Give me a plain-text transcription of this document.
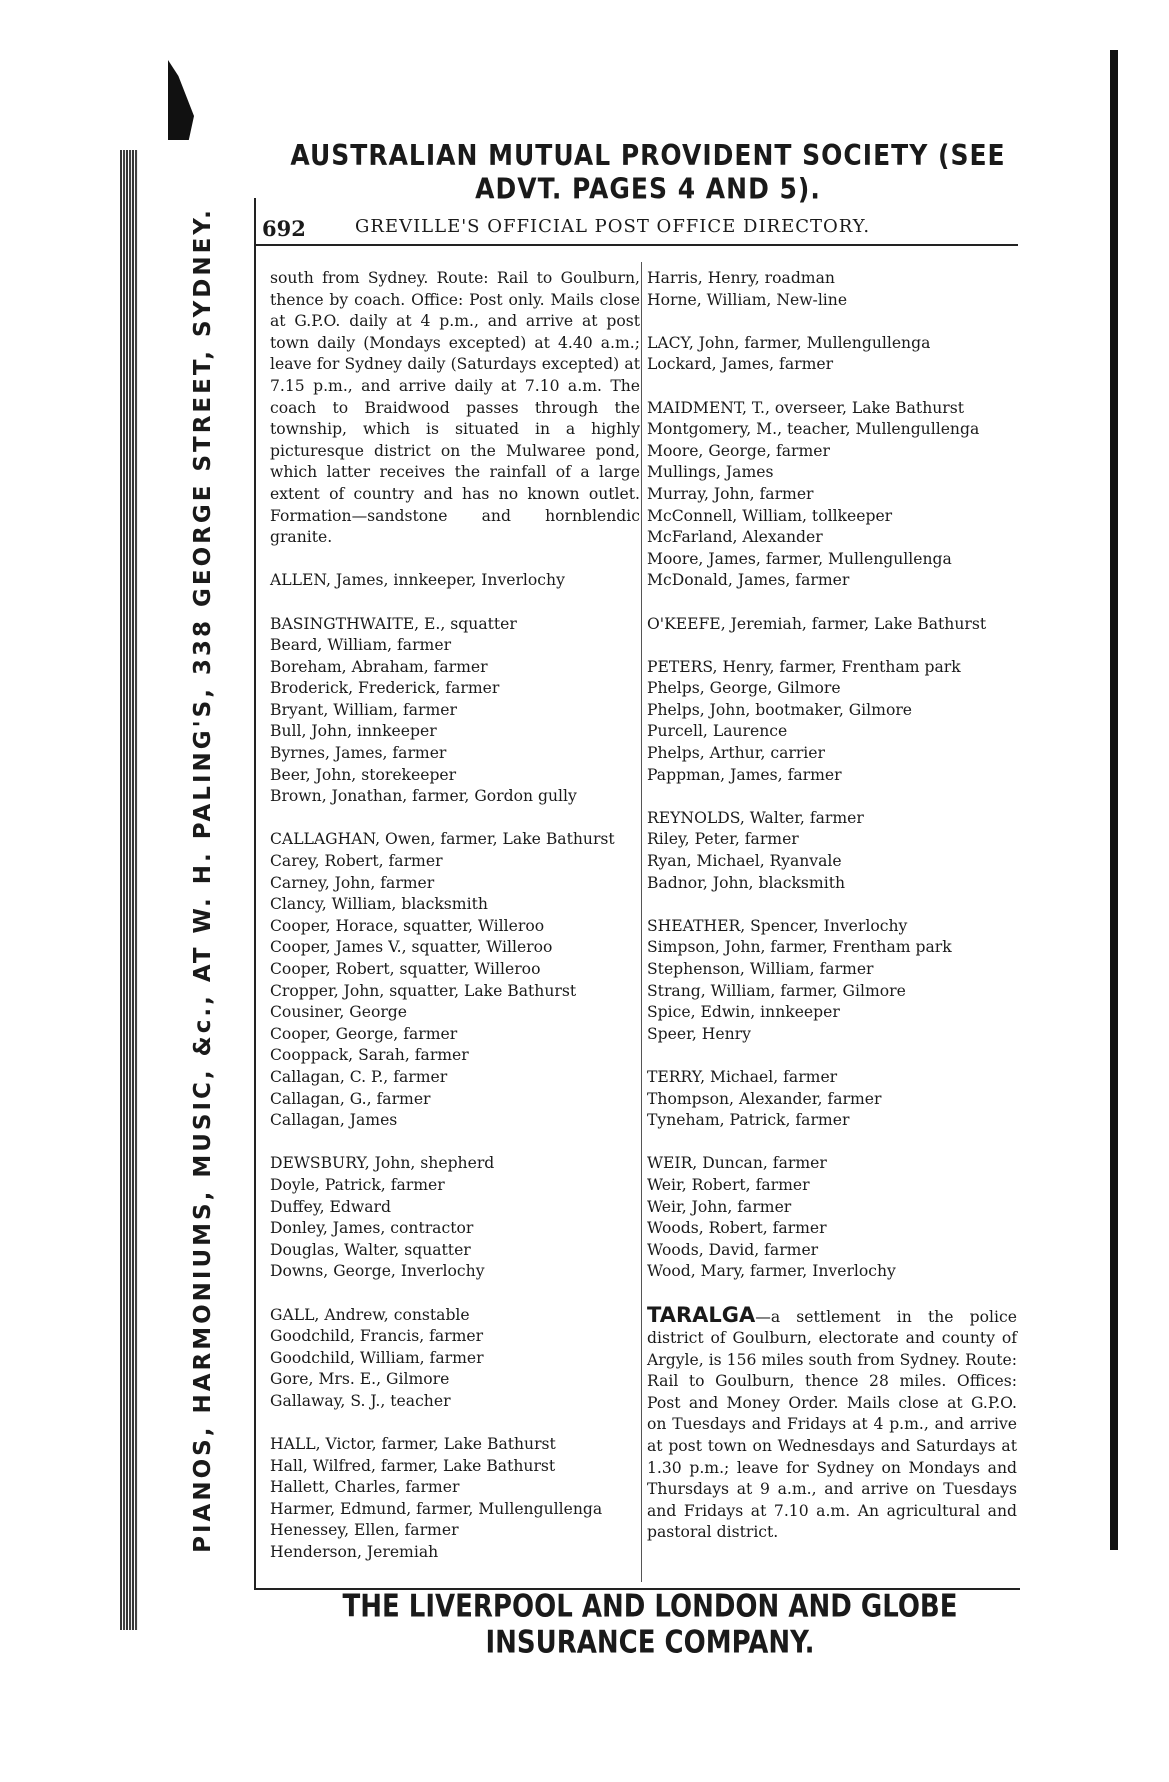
AUSTRALIAN MUTUAL PROVIDENT SOCIETY (SEE ADVT. PAGES 4 AND 5).
PIANOS, HARMONIUMS, MUSIC, &c., AT W. H. PALING'S, 338 GEORGE STREET, SYDNEY.	692	GREVILLE'S OFFICIAL POST OFFICE DIRECTORY.
south from Sydney. Route: Rail to Goulburn, thence by coach. Office: Post only. Mails close at G.P.O. daily at 4 p.m., and arrive at post town daily (Mondays excepted) at 4.40 a.m.; leave for Sydney daily (Saturdays excepted) at 7.15 p.m., and arrive daily at 7.10 a.m. The coach to Braidwood passes through the township, which is situated in a highly picturesque district on the Mulwaree pond, which latter receives the rainfall of a large extent of country and has no known outlet. Formation—sandstone and hornblendic granite.
ALLEN, James, innkeeper, Inverlochy
BASINGTHWAITE, E., squatter
Beard, William, farmer
Boreham, Abraham, farmer
Broderick, Frederick, farmer
Bryant, William, farmer
Bull, John, innkeeper
Byrnes, James, farmer
Beer, John, storekeeper
Brown, Jonathan, farmer, Gordon gully
CALLAGHAN, Owen, farmer, Lake Bathurst
Carey, Robert, farmer
Carney, John, farmer
Clancy, William, blacksmith
Cooper, Horace, squatter, Willeroo
Cooper, James V., squatter, Willeroo
Cooper, Robert, squatter, Willeroo
Cropper, John, squatter, Lake Bathurst
Cousiner, George
Cooper, George, farmer
Cooppack, Sarah, farmer
Callagan, C. P., farmer
Callagan, G., farmer
Callagan, James
DEWSBURY, John, shepherd
Doyle, Patrick, farmer
Duffey, Edward
Donley, James, contractor
Douglas, Walter, squatter
Downs, George, Inverlochy
GALL, Andrew, constable
Goodchild, Francis, farmer
Goodchild, William, farmer
Gore, Mrs. E., Gilmore
Gallaway, S. J., teacher
HALL, Victor, farmer, Lake Bathurst
Hall, Wilfred, farmer, Lake Bathurst
Hallett, Charles, farmer
Harmer, Edmund, farmer, Mullengullenga
Henessey, Ellen, farmer
Henderson, Jeremiah
Harris, Henry, roadman
Horne, William, New-line
LACY, John, farmer, Mullengullenga
Lockard, James, farmer
MAIDMENT, T., overseer, Lake Bathurst
Montgomery, M., teacher, Mullengullenga
Moore, George, farmer
Mullings, James
Murray, John, farmer
McConnell, William, tollkeeper
McFarland, Alexander
Moore, James, farmer, Mullengullenga
McDonald, James, farmer
O'KEEFE, Jeremiah, farmer, Lake Bathurst
PETERS, Henry, farmer, Frentham park
Phelps, George, Gilmore
Phelps, John, bootmaker, Gilmore
Purcell, Laurence
Phelps, Arthur, carrier
Pappman, James, farmer
REYNOLDS, Walter, farmer
Riley, Peter, farmer
Ryan, Michael, Ryanvale
Badnor, John, blacksmith
SHEATHER, Spencer, Inverlochy
Simpson, John, farmer, Frentham park
Stephenson, William, farmer
Strang, William, farmer, Gilmore
Spice, Edwin, innkeeper
Speer, Henry
TERRY, Michael, farmer
Thompson, Alexander, farmer
Tyneham, Patrick, farmer
WEIR, Duncan, farmer
Weir, Robert, farmer
Weir, John, farmer
Woods, Robert, farmer
Woods, David, farmer
Wood, Mary, farmer, Inverlochy
TARALGA—a settlement in the police district of Goulburn, electorate and county of Argyle, is 156 miles south from Sydney. Route: Rail to Goulburn, thence 28 miles. Offices: Post and Money Order. Mails close at G.P.O. on Tuesdays and Fridays at 4 p.m., and arrive at post town on Wednesdays and Saturdays at 1.30 p.m.; leave for Sydney on Mondays and Thursdays at 9 a.m., and arrive on Tuesdays and Fridays at 7.10 a.m. An agricultural and pastoral district.
THE LIVERPOOL AND LONDON AND GLOBE INSURANCE COMPANY.
